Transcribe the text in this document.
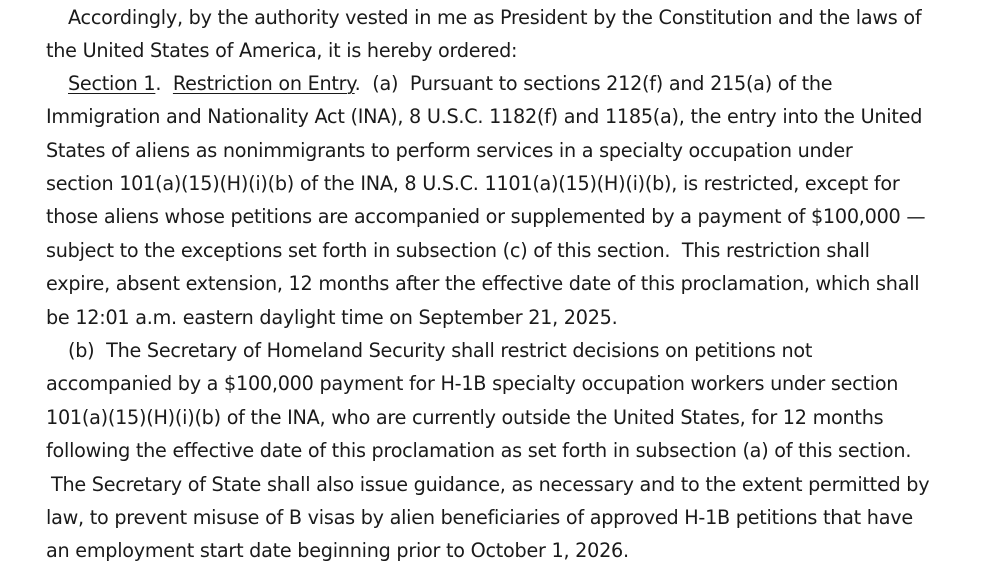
Accordingly, by the authority vested in me as President by the Constitution and the laws of
the United States of America, it is hereby ordered:
Section 1.  Restriction on Entry.  (a)  Pursuant to sections 212(f) and 215(a) of the
Immigration and Nationality Act (INA), 8 U.S.C. 1182(f) and 1185(a), the entry into the United
States of aliens as nonimmigrants to perform services in a specialty occupation under
section 101(a)(15)(H)(i)(b) of the INA, 8 U.S.C. 1101(a)(15)(H)(i)(b), is restricted, except for
those aliens whose petitions are accompanied or supplemented by a payment of $100,000 —
subject to the exceptions set forth in subsection (c) of this section.  This restriction shall
expire, absent extension, 12 months after the effective date of this proclamation, which shall
be 12:01 a.m. eastern daylight time on September 21, 2025.
(b)  The Secretary of Homeland Security shall restrict decisions on petitions not
accompanied by a $100,000 payment for H-1B specialty occupation workers under section
101(a)(15)(H)(i)(b) of the INA, who are currently outside the United States, for 12 months
following the effective date of this proclamation as set forth in subsection (a) of this section.
The Secretary of State shall also issue guidance, as necessary and to the extent permitted by
law, to prevent misuse of B visas by alien beneficiaries of approved H-1B petitions that have
an employment start date beginning prior to October 1, 2026.
